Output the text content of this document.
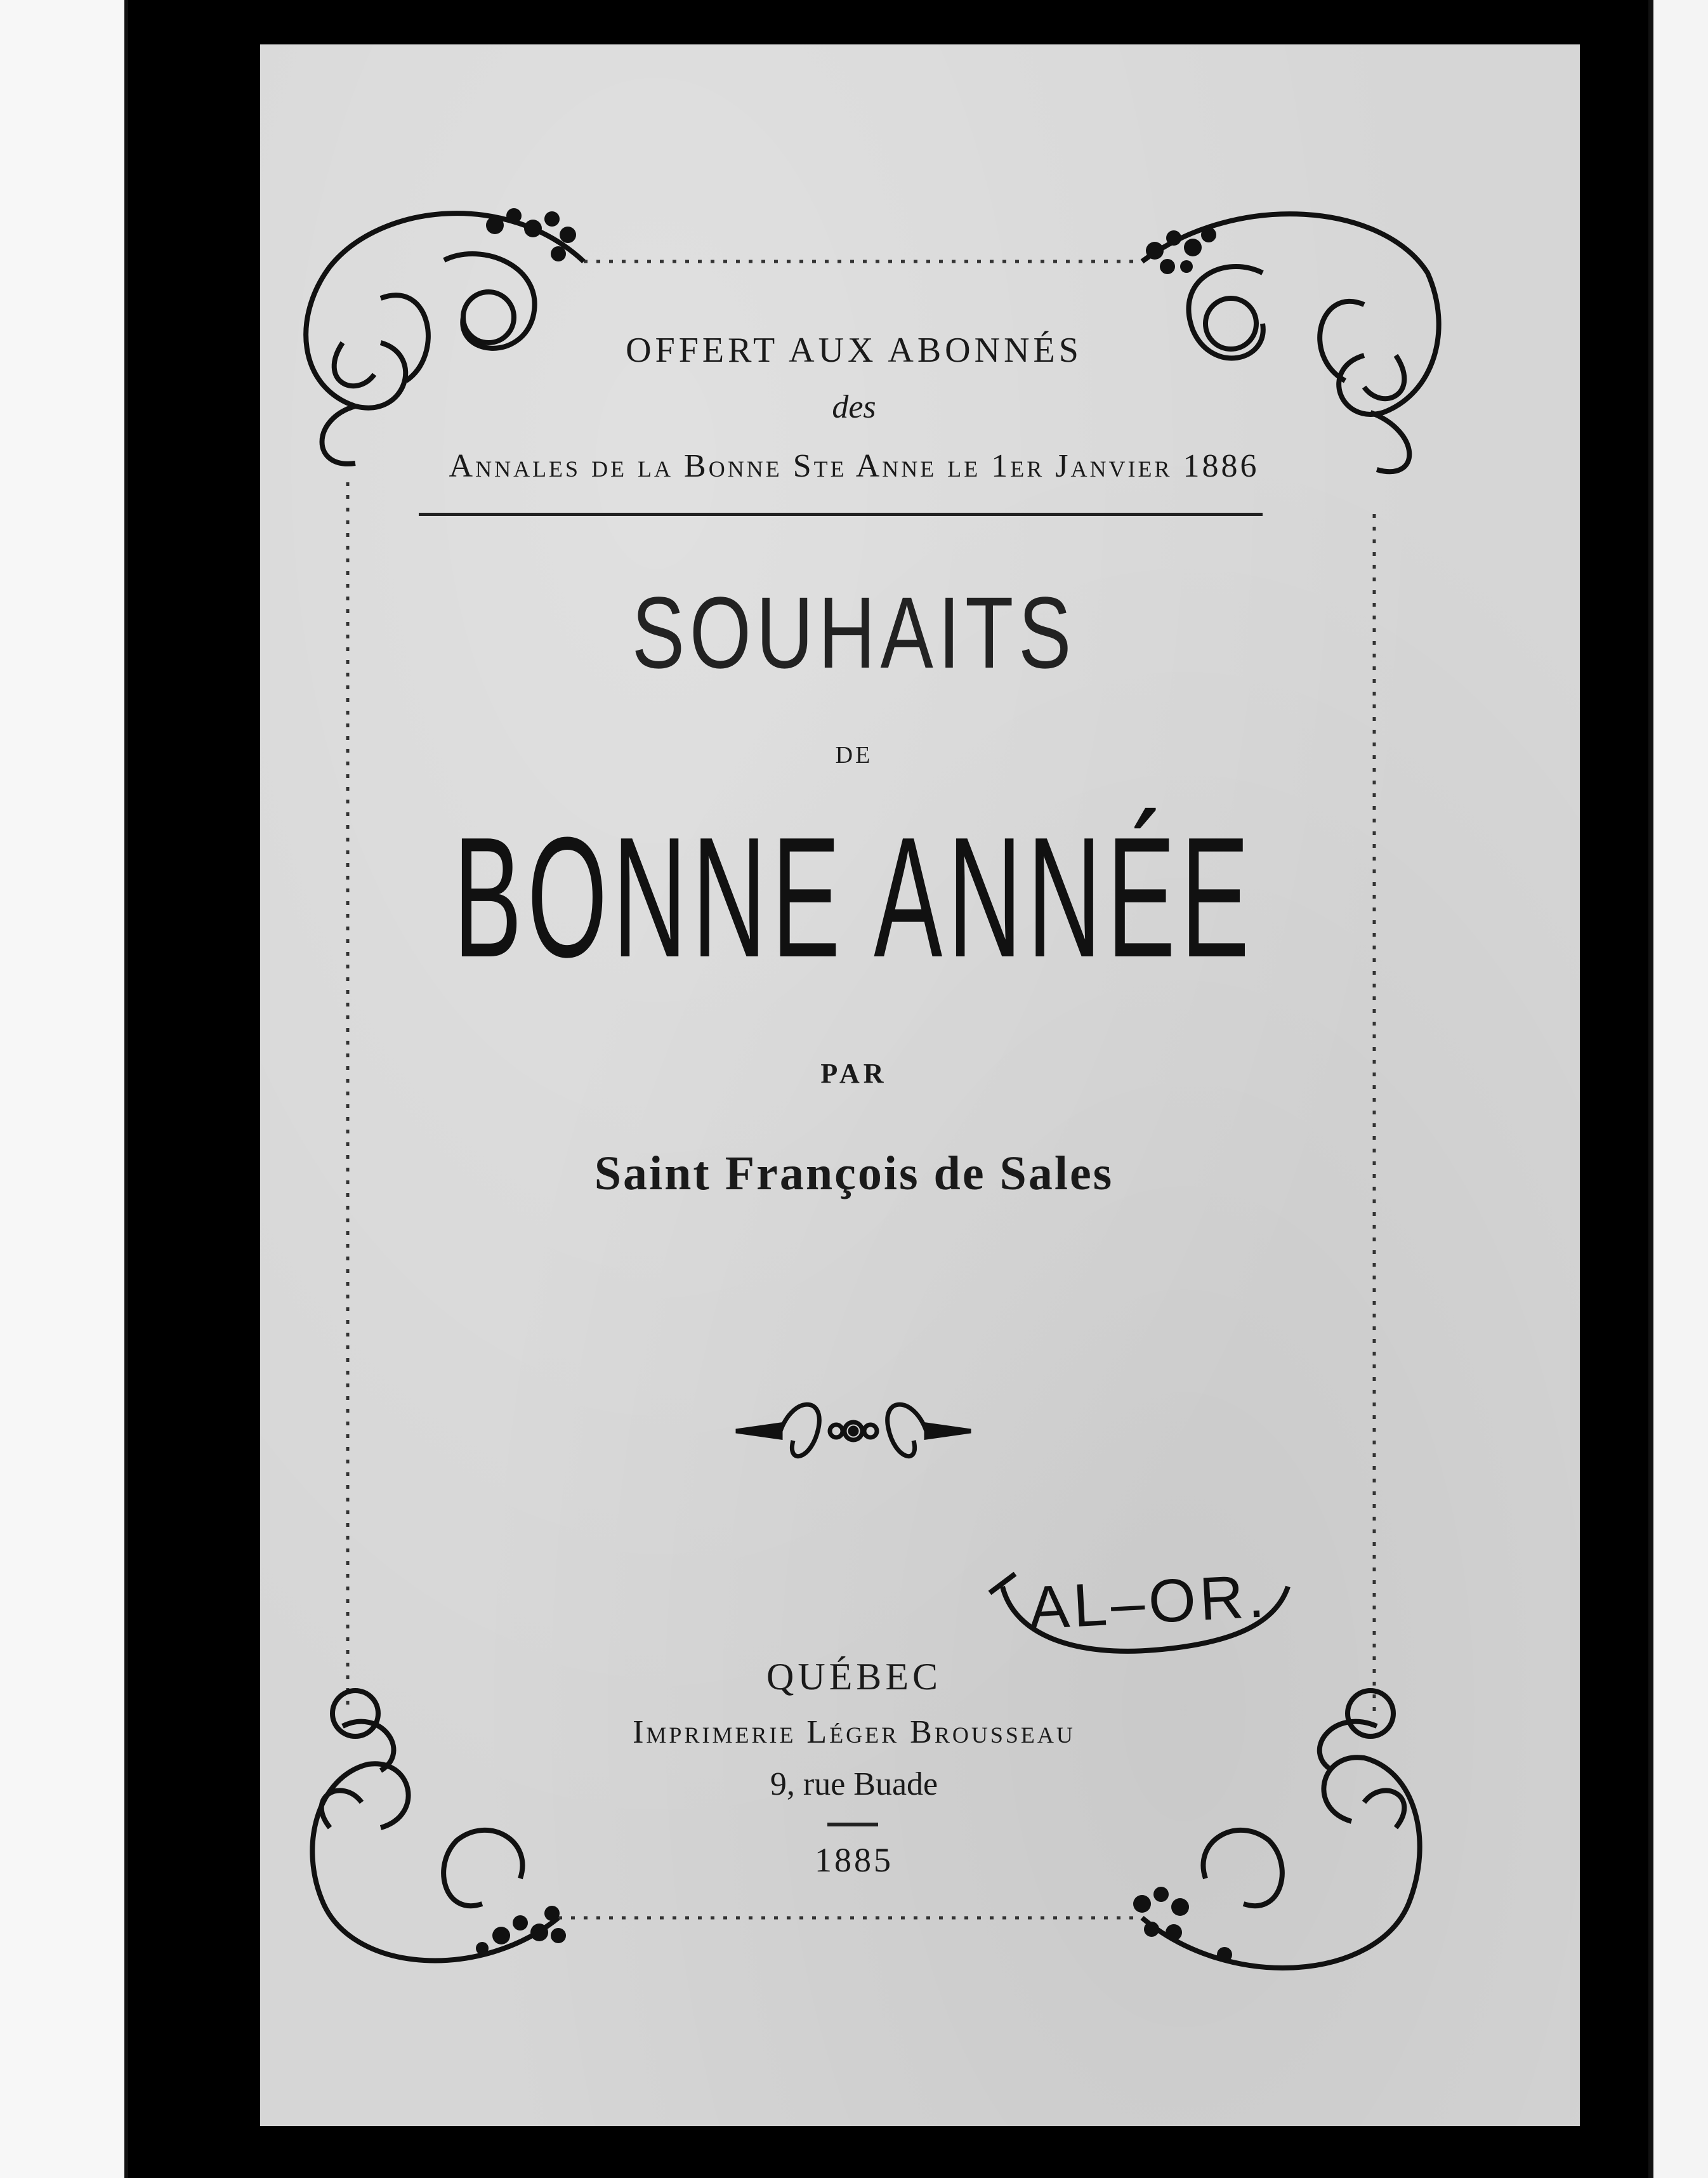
OFFERT AUX ABONNÉS
des
Annales de la Bonne Ste Anne le 1er Janvier 1886
SOUHAITS
DE
BONNE ANNÉE
PAR
Saint François de Sales
AL–OR.
QUÉBEC
Imprimerie Léger Brousseau
9, rue Buade
1885
